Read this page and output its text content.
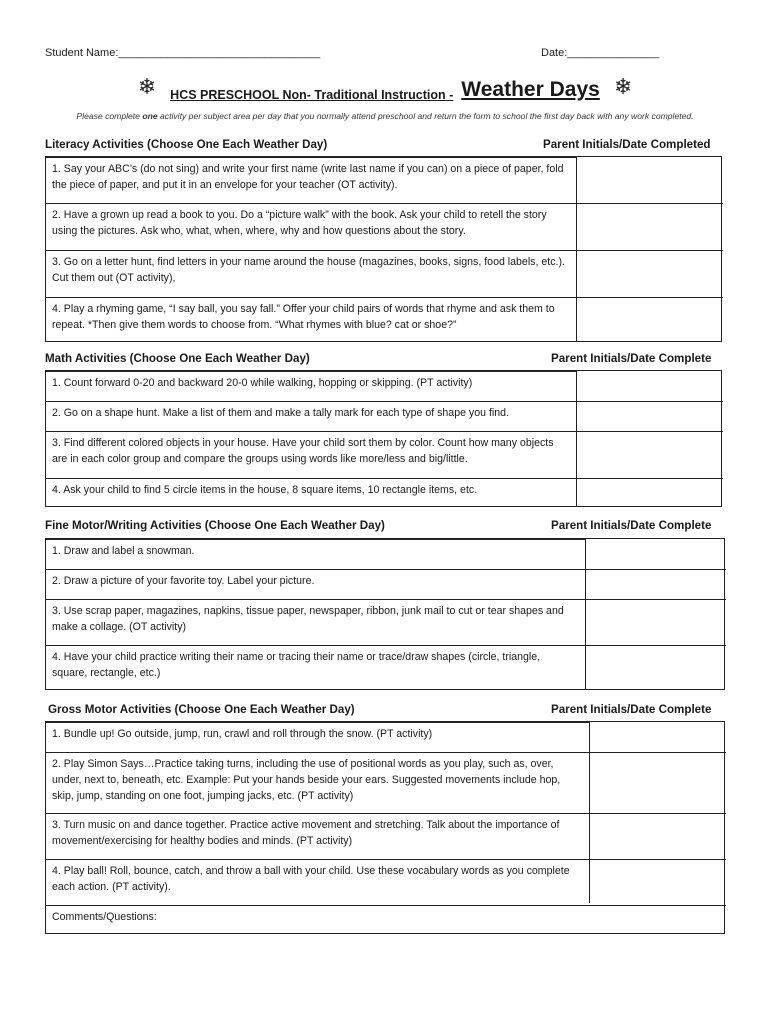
Student Name:_________________________________	Date:_______________
❄ HCS PRESCHOOL Non- Traditional Instruction - Weather Days ❄
Please complete one activity per subject area per day that you normally attend preschool and return the form to school the first day back with any work completed.
Literacy Activities (Choose One Each Weather Day)	Parent Initials/Date Completed
1. Say your ABC’s (do not sing) and write your first name (write last name if you can) on a piece of paper, fold the piece of paper, and put it in an envelope for your teacher (OT activity).
2. Have a grown up read a book to you. Do a “picture walk” with the book. Ask your child to retell the story using the pictures. Ask who, what, when, where, why and how questions about the story.
3. Go on a letter hunt, find letters in your name around the house (magazines, books, signs, food labels, etc.). Cut them out (OT activity),
4. Play a rhyming game, “I say ball, you say fall.” Offer your child pairs of words that rhyme and ask them to repeat. *Then give them words to choose from. “What rhymes with blue? cat or shoe?”
Math Activities (Choose One Each Weather Day)	Parent Initials/Date Complete
1. Count forward 0-20 and backward 20-0 while walking, hopping or skipping. (PT activity)
2. Go on a shape hunt. Make a list of them and make a tally mark for each type of shape you find.
3. Find different colored objects in your house. Have your child sort them by color. Count how many objects are in each color group and compare the groups using words like more/less and big/little.
4. Ask your child to find 5 circle items in the house, 8 square items, 10 rectangle items, etc.
Fine Motor/Writing Activities (Choose One Each Weather Day)	Parent Initials/Date Complete
1. Draw and label a snowman.
2. Draw a picture of your favorite toy. Label your picture.
3. Use scrap paper, magazines, napkins, tissue paper, newspaper, ribbon, junk mail to cut or tear shapes and make a collage. (OT activity)
4. Have your child practice writing their name or tracing their name or trace/draw shapes (circle, triangle, square, rectangle, etc.)
Gross Motor Activities (Choose One Each Weather Day)	Parent Initials/Date Complete
1. Bundle up! Go outside, jump, run, crawl and roll through the snow. (PT activity)
2. Play Simon Says…Practice taking turns, including the use of positional words as you play, such as, over, under, next to, beneath, etc. Example: Put your hands beside your ears. Suggested movements include hop, skip, jump, standing on one foot, jumping jacks, etc. (PT activity)
3. Turn music on and dance together. Practice active movement and stretching. Talk about the importance of movement/exercising for healthy bodies and minds. (PT activity)
4. Play ball! Roll, bounce, catch, and throw a ball with your child. Use these vocabulary words as you complete each action. (PT activity).
Comments/Questions:
